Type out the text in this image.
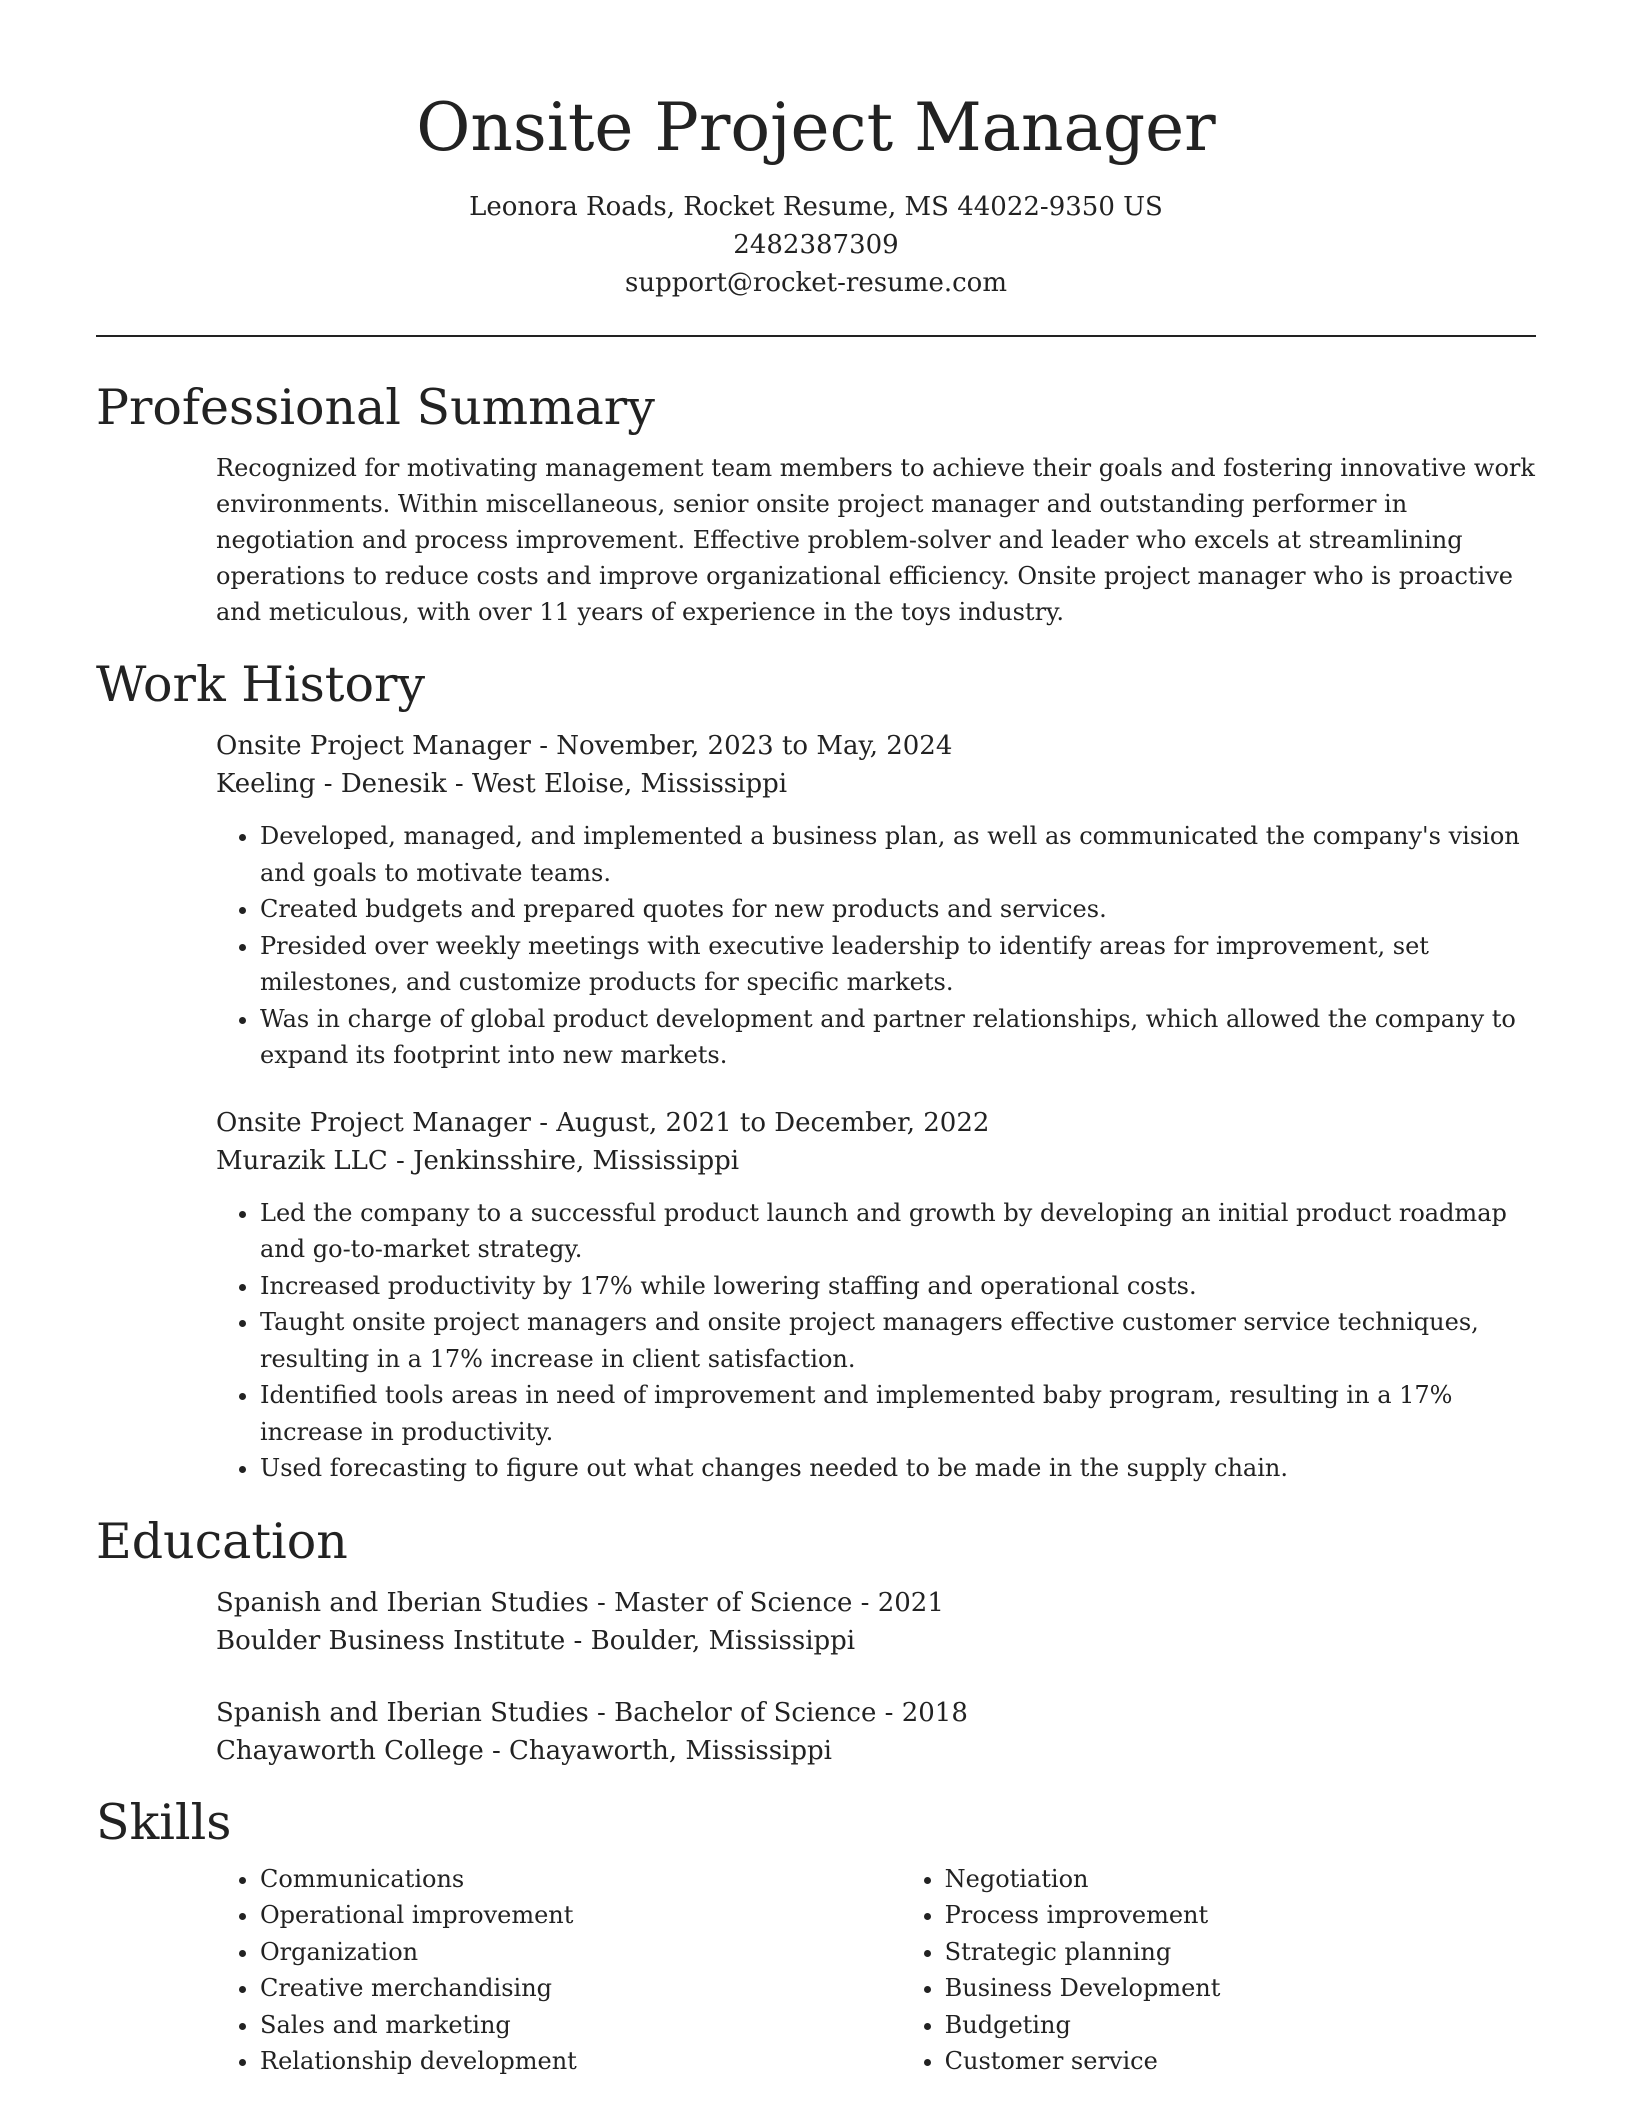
Onsite Project Manager

Leonora Roads, Rocket Resume, MS 44022-9350 US

2482387309

support@rocket-resume.com

Professional Summary

Recognized for motivating management team members to achieve their goals and fostering innovative work environments. Within miscellaneous, senior onsite project manager and outstanding performer in negotiation and process improvement. Effective problem-solver and leader who excels at streamlining operations to reduce costs and improve organizational efficiency. Onsite project manager who is proactive and meticulous, with over 11 years of experience in the toys industry.

Work History

Onsite Project Manager - November, 2023 to May, 2024

Keeling - Denesik - West Eloise, Mississippi

• Developed, managed, and implemented a business plan, as well as communicated the company's vision and goals to motivate teams.
• Created budgets and prepared quotes for new products and services.
• Presided over weekly meetings with executive leadership to identify areas for improvement, set milestones, and customize products for specific markets.
• Was in charge of global product development and partner relationships, which allowed the company to expand its footprint into new markets.

Onsite Project Manager - August, 2021 to December, 2022

Murazik LLC - Jenkinsshire, Mississippi

• Led the company to a successful product launch and growth by developing an initial product roadmap and go-to-market strategy.
• Increased productivity by 17% while lowering staffing and operational costs.
• Taught onsite project managers and onsite project managers effective customer service techniques, resulting in a 17% increase in client satisfaction.
• Identified tools areas in need of improvement and implemented baby program, resulting in a 17% increase in productivity.
• Used forecasting to figure out what changes needed to be made in the supply chain.
Education

Spanish and Iberian Studies - Master of Science - 2021

Boulder Business Institute - Boulder, Mississippi

Spanish and Iberian Studies - Bachelor of Science - 2018

Chayaworth College - Chayaworth, Mississippi

Skills
• Communications
• Operational improvement
• Organization
• Creative merchandising
• Sales and marketing
• Relationship development
• Negotiation
• Process improvement
• Strategic planning
• Business Development
• Budgeting
• Customer service
